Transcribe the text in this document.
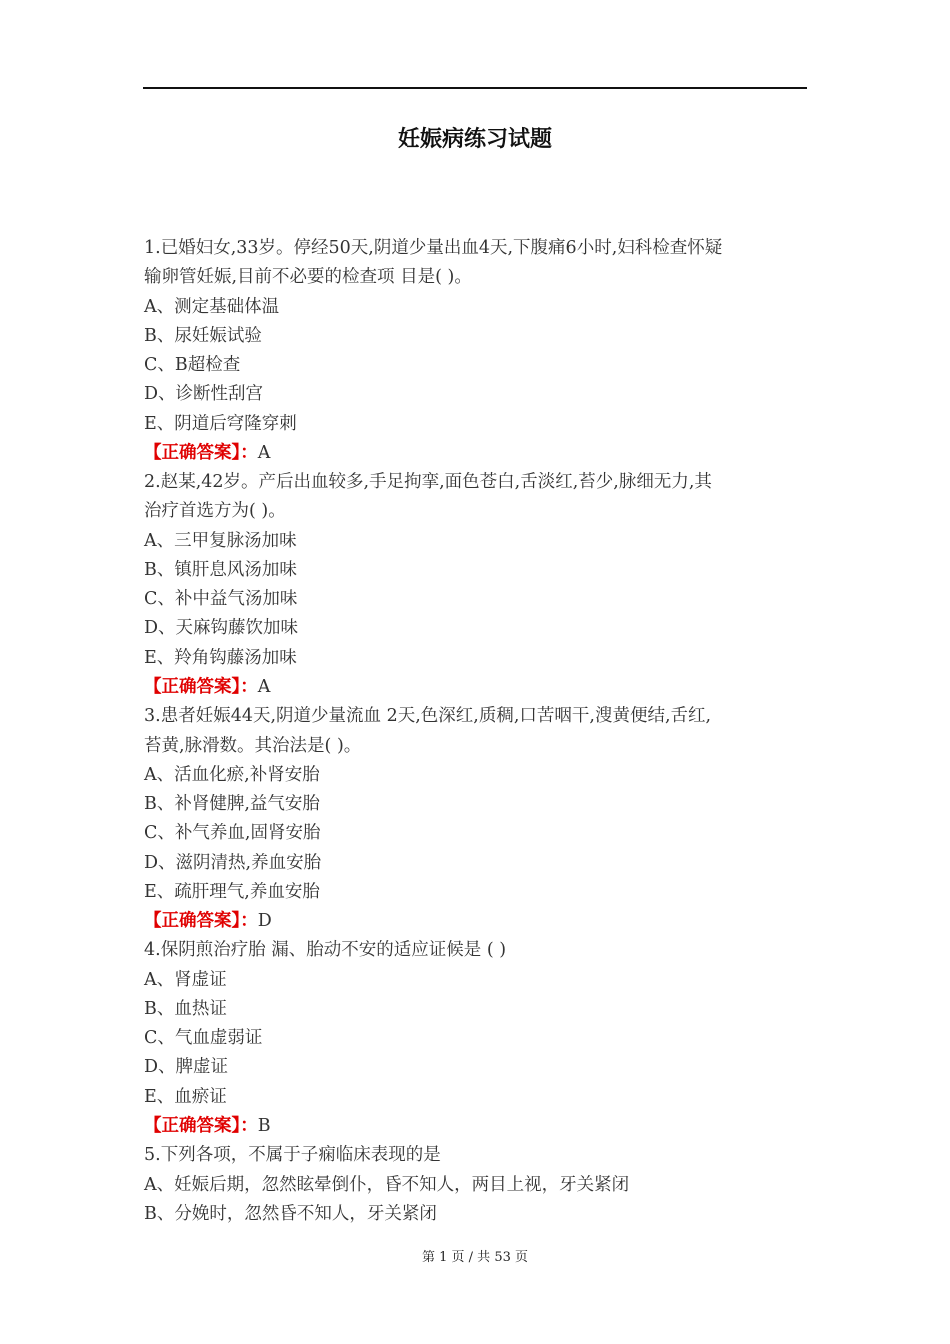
妊娠病练习试题
1.已婚妇女,33岁。停经50天,阴道少量出血4天,下腹痛6小时,妇科检查怀疑
输卵管妊娠,目前不必要的检查项 目是( )。
A、测定基础体温
B、尿妊娠试验
C、B超检查
D、诊断性刮宫
E、阴道后穹隆穿刺
【正确答案】：A
2.赵某,42岁。产后出血较多,手足拘挛,面色苍白,舌淡红,苔少,脉细无力,其
治疗首选方为( )。
A、三甲复脉汤加味
B、镇肝息风汤加味
C、补中益气汤加味
D、天麻钩藤饮加味
E、羚角钩藤汤加味
【正确答案】：A
3.患者妊娠44天,阴道少量流血 2天,色深红,质稠,口苦咽干,溲黄便结,舌红,
苔黄,脉滑数。其治法是( )。
A、活血化瘀,补肾安胎
B、补肾健脾,益气安胎
C、补气养血,固肾安胎
D、滋阴清热,养血安胎
E、疏肝理气,养血安胎
【正确答案】：D
4.保阴煎治疗胎 漏、胎动不安的适应证候是 ( )
A、肾虚证
B、血热证
C、气血虚弱证
D、脾虚证
E、血瘀证
【正确答案】：B
5.下列各项，不属于子痫临床表现的是
A、妊娠后期，忽然眩晕倒仆，昏不知人，两目上视，牙关紧闭
B、分娩时，忽然昏不知人，牙关紧闭
第 1 页 / 共 53 页
